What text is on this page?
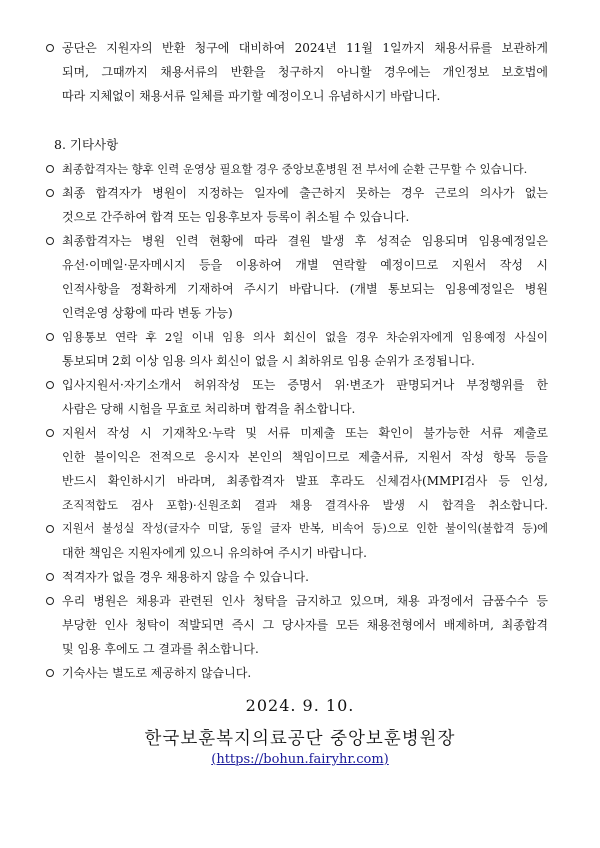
공단은 지원자의 반환 청구에 대비하여 2024년 11월 1일까지 채용서류를 보관하게
되며, 그때까지 채용서류의 반환을 청구하지 아니할 경우에는 개인정보 보호법에
따라 지체없이 채용서류 일체를 파기할 예정이오니 유념하시기 바랍니다.
8. 기타사항
최종합격자는 향후 인력 운영상 필요할 경우 중앙보훈병원 전 부서에 순환 근무할 수 있습니다.
최종 합격자가 병원이 지정하는 일자에 출근하지 못하는 경우 근로의 의사가 없는
것으로 간주하여 합격 또는 임용후보자 등록이 취소될 수 있습니다.
최종합격자는 병원 인력 현황에 따라 결원 발생 후 성적순 임용되며 임용예정일은
유선·이메일·문자메시지 등을 이용하여 개별 연락할 예정이므로 지원서 작성 시
인적사항을 정확하게 기재하여 주시기 바랍니다. (개별 통보되는 임용예정일은 병원
인력운영 상황에 따라 변동 가능)
임용통보 연락 후 2일 이내 임용 의사 회신이 없을 경우 차순위자에게 임용예정 사실이
통보되며 2회 이상 임용 의사 회신이 없을 시 최하위로 임용 순위가 조정됩니다.
입사지원서·자기소개서 허위작성 또는 증명서 위·변조가 판명되거나 부정행위를 한
사람은 당해 시험을 무효로 처리하며 합격을 취소합니다.
지원서 작성 시 기재착오·누락 및 서류 미제출 또는 확인이 불가능한 서류 제출로
인한 불이익은 전적으로 응시자 본인의 책임이므로 제출서류, 지원서 작성 항목 등을
반드시 확인하시기 바라며, 최종합격자 발표 후라도 신체검사(MMPI검사 등 인성,
조직적합도 검사 포함)·신원조회 결과 채용 결격사유 발생 시 합격을 취소합니다.
지원서 불성실 작성(글자수 미달, 동일 글자 반복, 비속어 등)으로 인한 불이익(불합격 등)에
대한 책임은 지원자에게 있으니 유의하여 주시기 바랍니다.
적격자가 없을 경우 채용하지 않을 수 있습니다.
우리 병원은 채용과 관련된 인사 청탁을 금지하고 있으며, 채용 과정에서 금품수수 등
부당한 인사 청탁이 적발되면 즉시 그 당사자를 모든 채용전형에서 배제하며, 최종합격
및 임용 후에도 그 결과를 취소합니다.
기숙사는 별도로 제공하지 않습니다.
2024. 9. 10.
한국보훈복지의료공단 중앙보훈병원장
(https://bohun.fairyhr.com)
